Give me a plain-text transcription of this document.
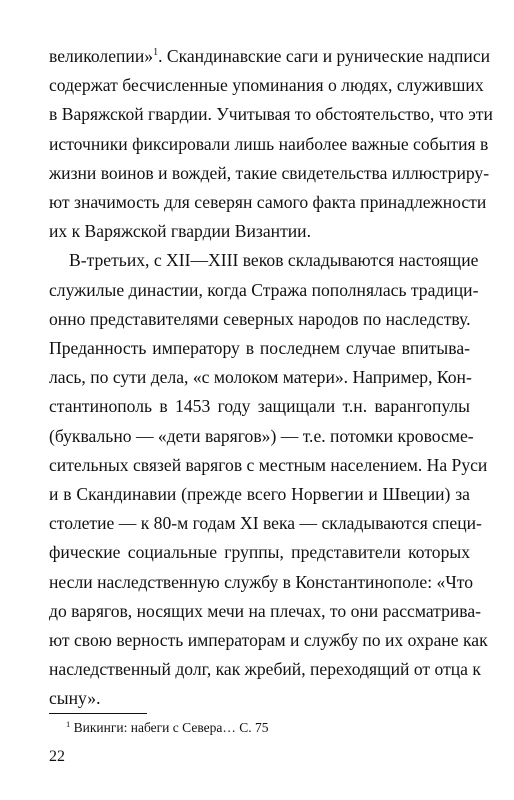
великолепии»$^1$. Скандинавские саги и рунические надписи
содержат бесчисленные упоминания о людях, служивших
в Варяжской гвардии. Учитывая то обстоятельство, что эти
источники фиксировали лишь наиболее важные события в
жизни воинов и вождей, такие свидетельства иллюстриру-
ют значимость для северян самого факта принадлежности
их к Варяжской гвардии Византии.
В-третьих, с XII—XIII веков складываются настоящие
служилые династии, когда Стража пополнялась традици-
онно представителями северных народов по наследству.
Преданность императору в последнем случае впитыва-
лась, по сути дела, «с молоком матери». Например, Кон-
стантинополь в 1453 году защищали т.н. варангопулы
(буквально — «дети варягов») — т.е. потомки кровосме-
сительных связей варягов с местным населением. На Руси
и в Скандинавии (прежде всего Норвегии и Швеции) за
столетие — к 80-м годам XI века — складываются специ-
фические социальные группы, представители которых
несли наследственную службу в Константинополе: «Что
до варягов, носящих мечи на плечах, то они рассматрива-
ют свою верность императорам и службу по их охране как
$^1$ Викинги: набеги с Севера… С. 75
22
наследственный долг, как жребий, переходящий от отца к
сыну».
